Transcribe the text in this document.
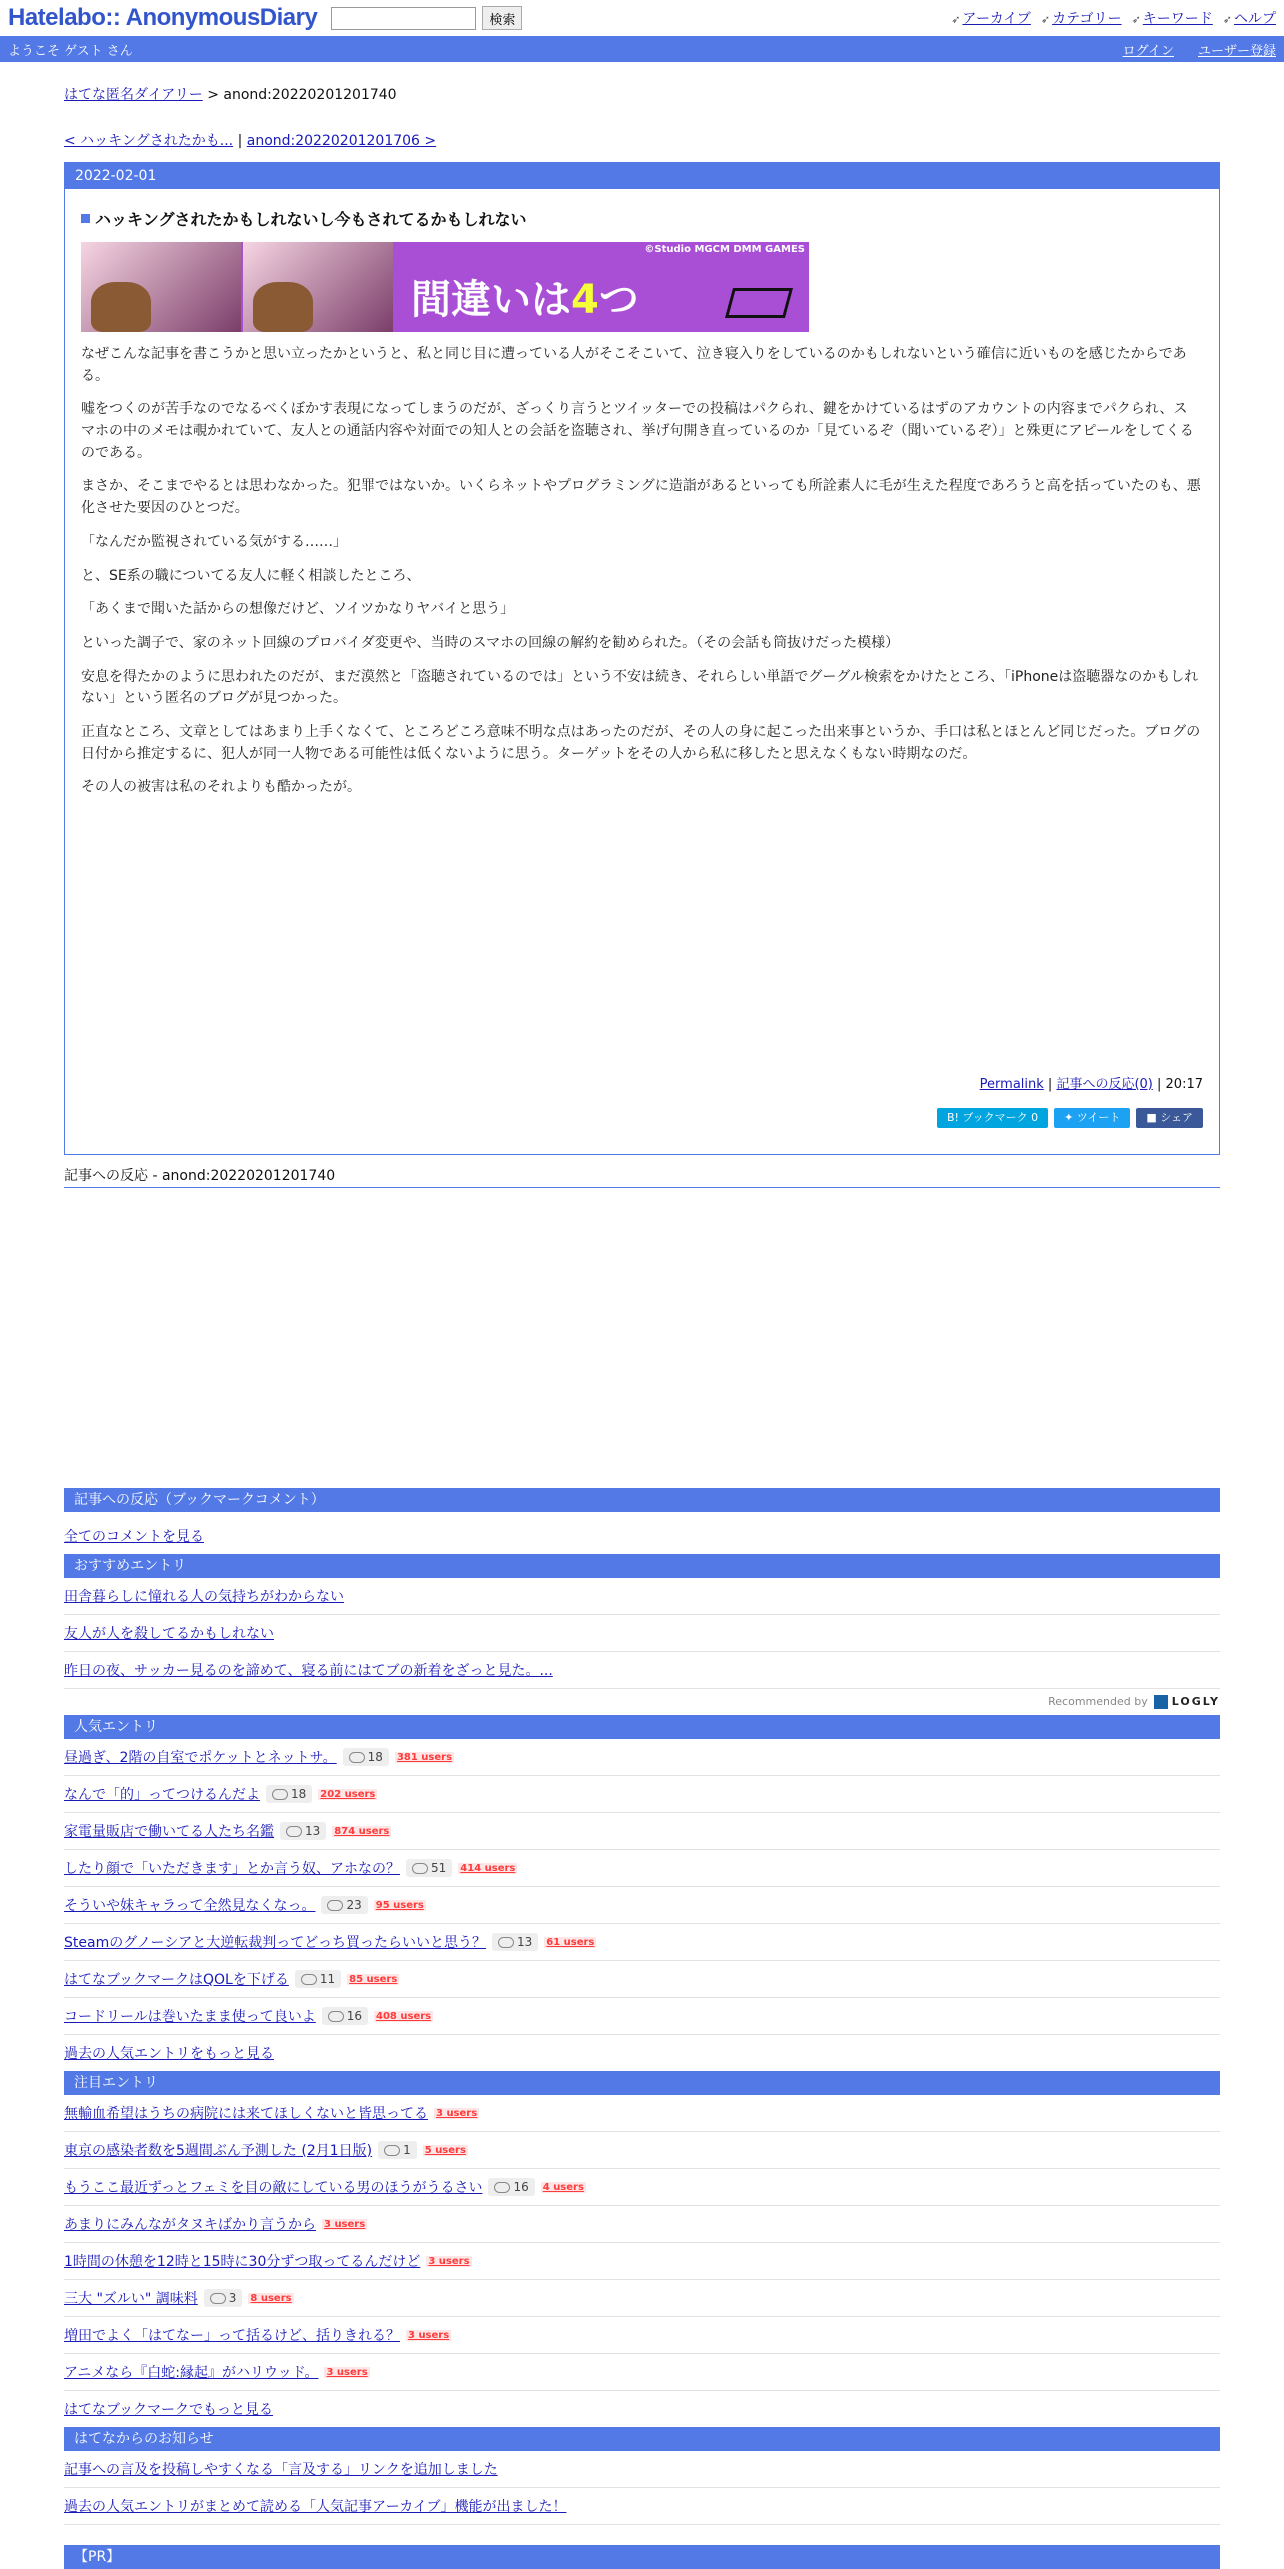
Hatelabo:: AnonymousDiary	検索	➶ アーカイブ ➶ カテゴリー ➶ キーワード ➶ ヘルプ
ようこそ ゲスト さん	ログイン ユーザー登録
はてな匿名ダイアリー > anond:20220201201740
< ハッキングされたかも... | anond:20220201201706 >
2022-02-01
ハッキングされたかもしれないし今もされてるかもしれない
©Studio MGCM DMM GAMES
間違いは4つ

なぜこんな記事を書こうかと思い立ったかというと、私と同じ目に遭っている人がそこそこいて、泣き寝入りをしているのかもしれないという確信に近いものを感じたからである。

嘘をつくのが苦手なのでなるべくぼかす表現になってしまうのだが、ざっくり言うとツイッターでの投稿はパクられ、鍵をかけているはずのアカウントの内容までパクられ、スマホの中のメモは覗かれていて、友人との通話内容や対面での知人との会話を盗聴され、挙げ句開き直っているのか「見ているぞ（聞いているぞ）」と殊更にアピールをしてくるのである。

まさか、そこまでやるとは思わなかった。犯罪ではないか。いくらネットやプログラミングに造詣があるといっても所詮素人に毛が生えた程度であろうと高を括っていたのも、悪化させた要因のひとつだ。

「なんだか監視されている気がする……」

と、SE系の職についてる友人に軽く相談したところ、

「あくまで聞いた話からの想像だけど、ソイツかなりヤバイと思う」

といった調子で、家のネット回線のプロバイダ変更や、当時のスマホの回線の解約を勧められた。（その会話も筒抜けだった模様）

安息を得たかのように思われたのだが、まだ漠然と「盗聴されているのでは」という不安は続き、それらしい単語でグーグル検索をかけたところ、「iPhoneは盗聴器なのかもしれない」という匿名のブログが見つかった。

正直なところ、文章としてはあまり上手くなくて、ところどころ意味不明な点はあったのだが、その人の身に起こった出来事というか、手口は私とほとんど同じだった。ブログの日付から推定するに、犯人が同一人物である可能性は低くないように思う。ターゲットをその人から私に移したと思えなくもない時期なのだ。

その人の被害は私のそれよりも酷かったが。

Permalink | 記事への反応(0) | 20:17
B! ブックマーク 0	✦ ツイート	■ シェア
記事への反応 - anond:20220201201740
記事への反応（ブックマークコメント）
全てのコメントを見る
おすすめエントリ
田舎暮らしに憧れる人の気持ちがわからない
友人が人を殺してるかもしれない
昨日の夜、サッカー見るのを諦めて、寝る前にはてブの新着をざっと見た。...
Recommended by LOGLY
人気エントリ
昼過ぎ、2階の自室でポケットとネットサ。	18 381 users
なんで「的」ってつけるんだよ	18 202 users
家電量販店で働いてる人たち名鑑	13 874 users
したり顔で「いただきます」とか言う奴、アホなの？	51 414 users
そういや妹キャラって全然見なくなっ。	23 95 users
Steamのグノーシアと大逆転裁判ってどっち買ったらいいと思う？	13 61 users
はてなブックマークはQOLを下げる	11 85 users
コードリールは巻いたまま使って良いよ	16 408 users
過去の人気エントリをもっと見る
注目エントリ
無輸血希望はうちの病院には来てほしくないと皆思ってる 3 users
東京の感染者数を5週間ぶん予測した (2月1日版)	1 5 users
もうここ最近ずっとフェミを目の敵にしている男のほうがうるさい	16 4 users
あまりにみんながタヌキばかり言うから 3 users
1時間の休憩を12時と15時に30分ずつ取ってるんだけど 3 users
三大 "ズルい" 調味料	3 8 users
増田でよく「はてなー」って括るけど、括りきれる？ 3 users
アニメなら『白蛇:縁起』がハリウッド。 3 users
はてなブックマークでもっと見る
はてなからのお知らせ
記事への言及を投稿しやすくなる「言及する」リンクを追加しました
過去の人気エントリがまとめて読める「人気記事アーカイブ」機能が出ました！
【PR】
